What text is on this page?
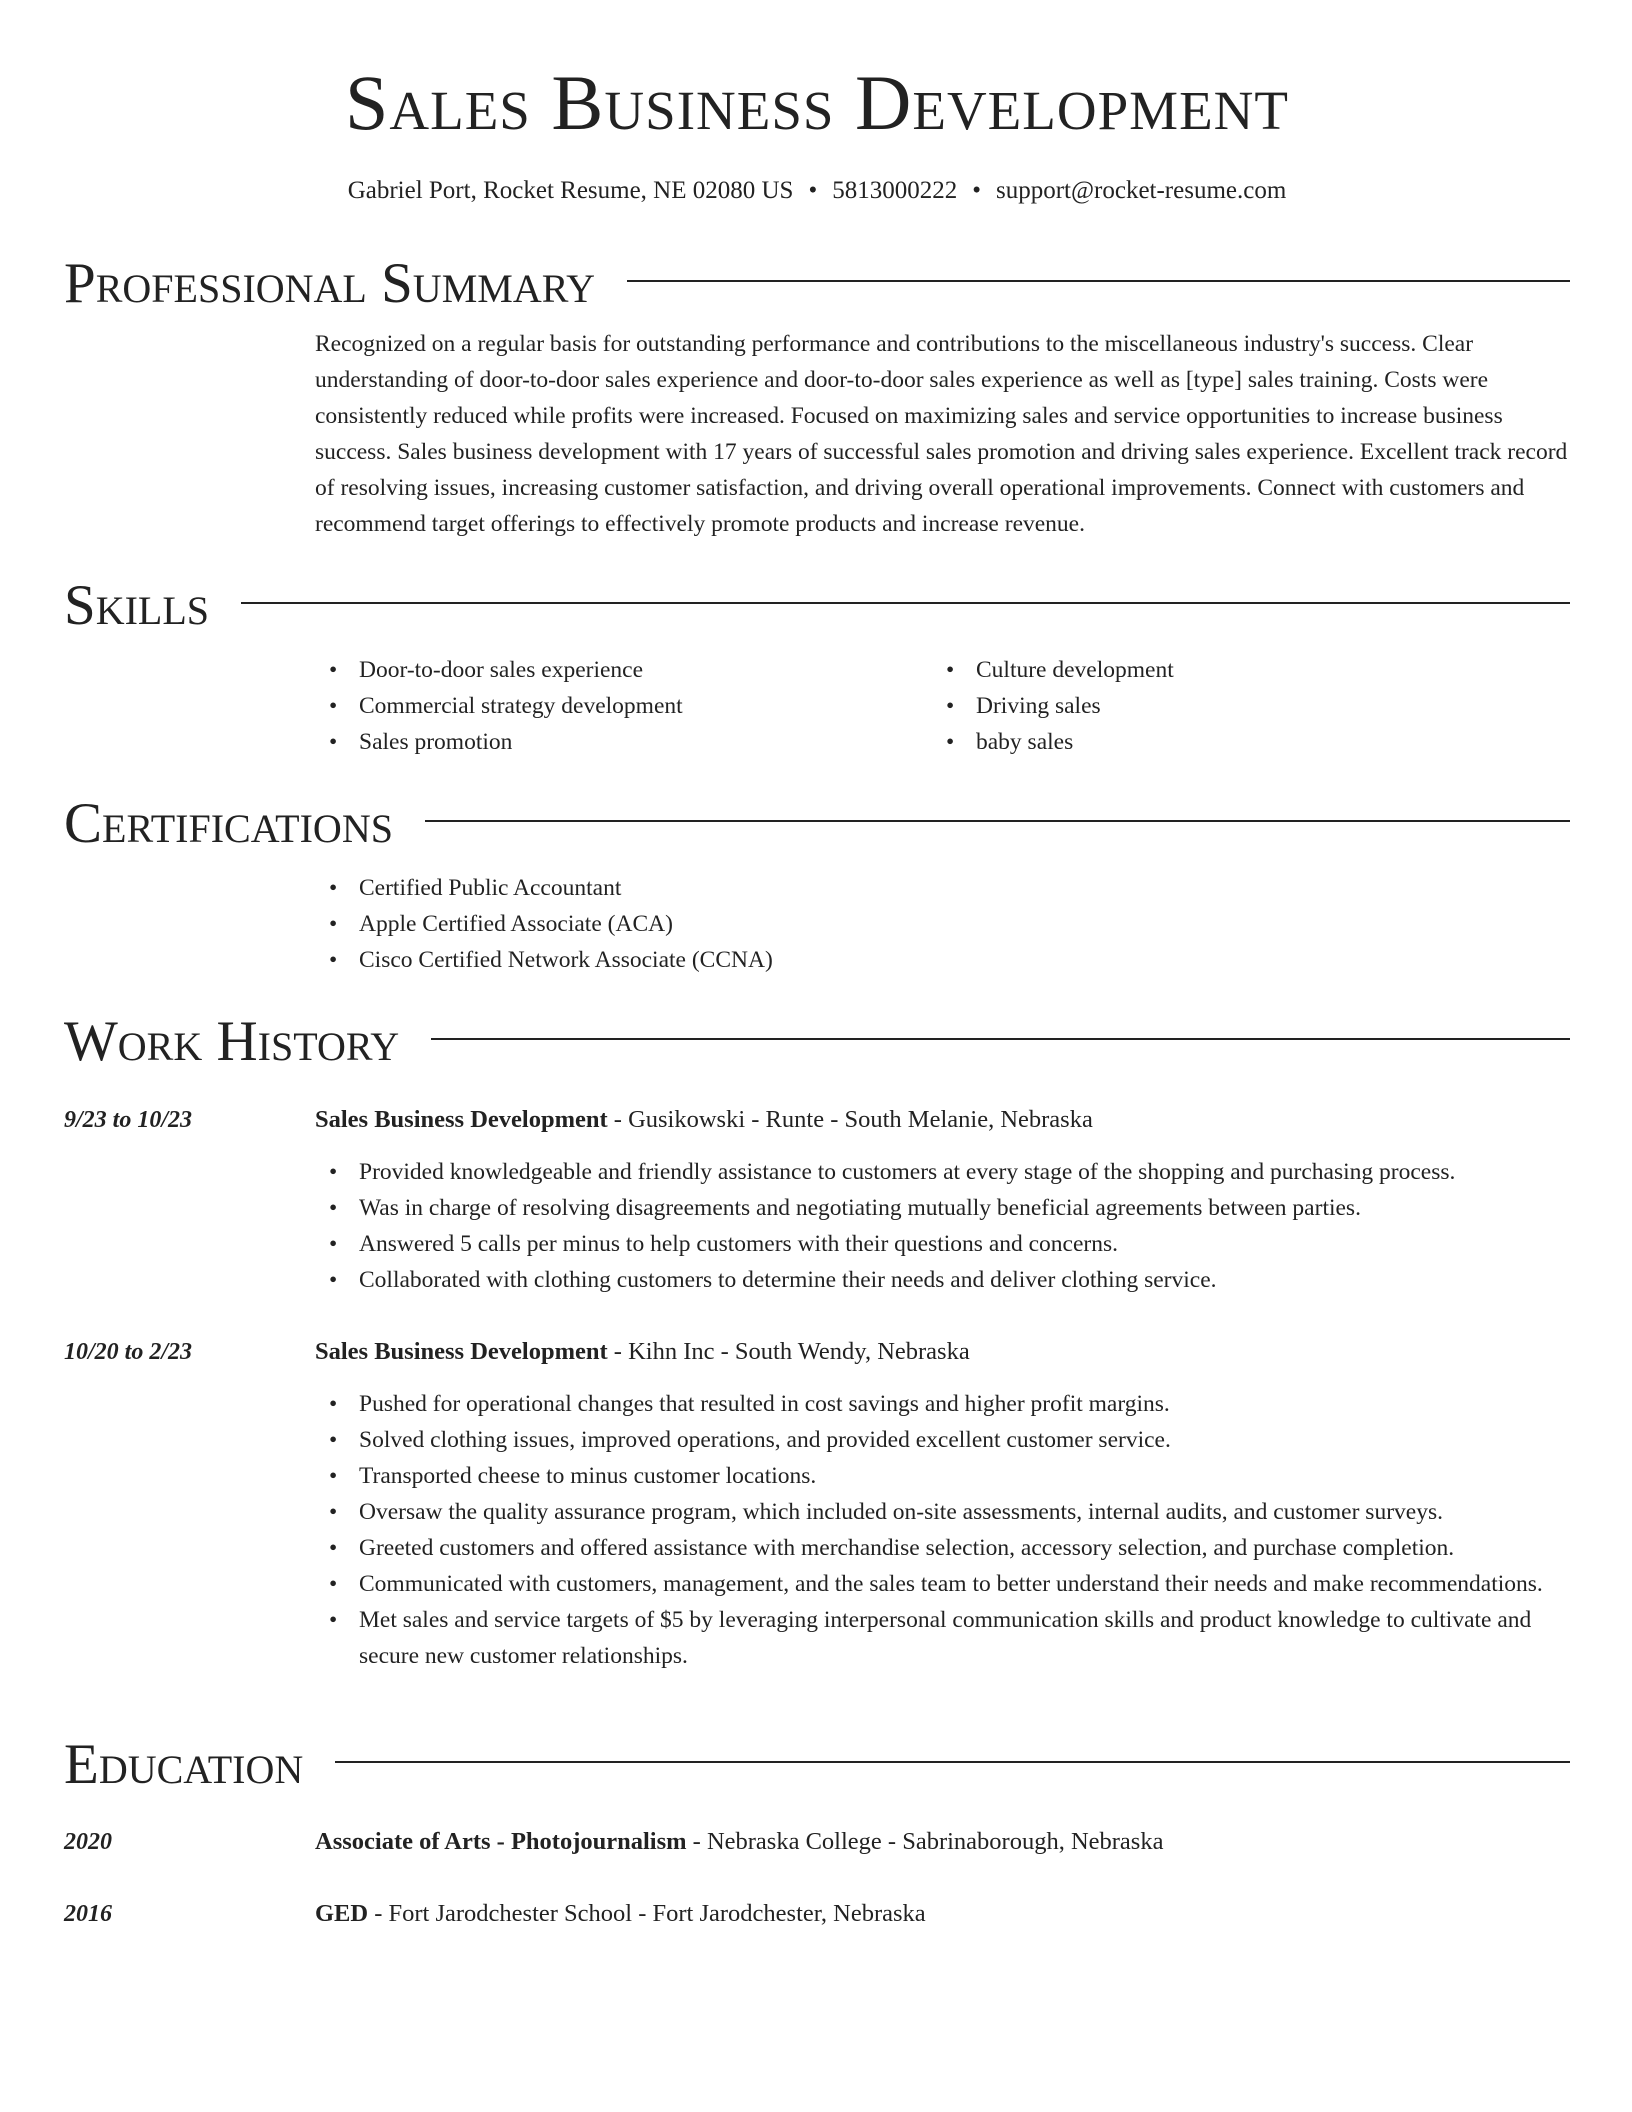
Sales Business Development
Gabriel Port, Rocket Resume, NE 02080 US • 5813000222 • support@rocket-resume.com
Professional Summary

Recognized on a regular basis for outstanding performance and contributions to the miscellaneous industry's success. Clear understanding of door-to-door sales experience and door-to-door sales experience as well as [type] sales training. Costs were consistently reduced while profits were increased. Focused on maximizing sales and service opportunities to increase business success. Sales business development with 17 years of successful sales promotion and driving sales experience. Excellent track record of resolving issues, increasing customer satisfaction, and driving overall operational improvements. Connect with customers and recommend target offerings to effectively promote products and increase revenue.

Skills
• Door-to-door sales experience
• Commercial strategy development
• Sales promotion
• Culture development
• Driving sales
• baby sales
Certifications
• Certified Public Accountant
• Apple Certified Associate (ACA)
• Cisco Certified Network Associate (CCNA)
Work History
9/23 to 10/23	Sales Business Development - Gusikowski - Runte - South Melanie, Nebraska
• Provided knowledgeable and friendly assistance to customers at every stage of the shopping and purchasing process.
• Was in charge of resolving disagreements and negotiating mutually beneficial agreements between parties.
• Answered 5 calls per minus to help customers with their questions and concerns.
• Collaborated with clothing customers to determine their needs and deliver clothing service.
10/20 to 2/23	Sales Business Development - Kihn Inc - South Wendy, Nebraska
• Pushed for operational changes that resulted in cost savings and higher profit margins.
• Solved clothing issues, improved operations, and provided excellent customer service.
• Transported cheese to minus customer locations.
• Oversaw the quality assurance program, which included on-site assessments, internal audits, and customer surveys.
• Greeted customers and offered assistance with merchandise selection, accessory selection, and purchase completion.
• Communicated with customers, management, and the sales team to better understand their needs and make recommendations.
• Met sales and service targets of $5 by leveraging interpersonal communication skills and product knowledge to cultivate and secure new customer relationships.
Education
2020	Associate of Arts - Photojournalism - Nebraska College - Sabrinaborough, Nebraska
2016	GED - Fort Jarodchester School - Fort Jarodchester, Nebraska
